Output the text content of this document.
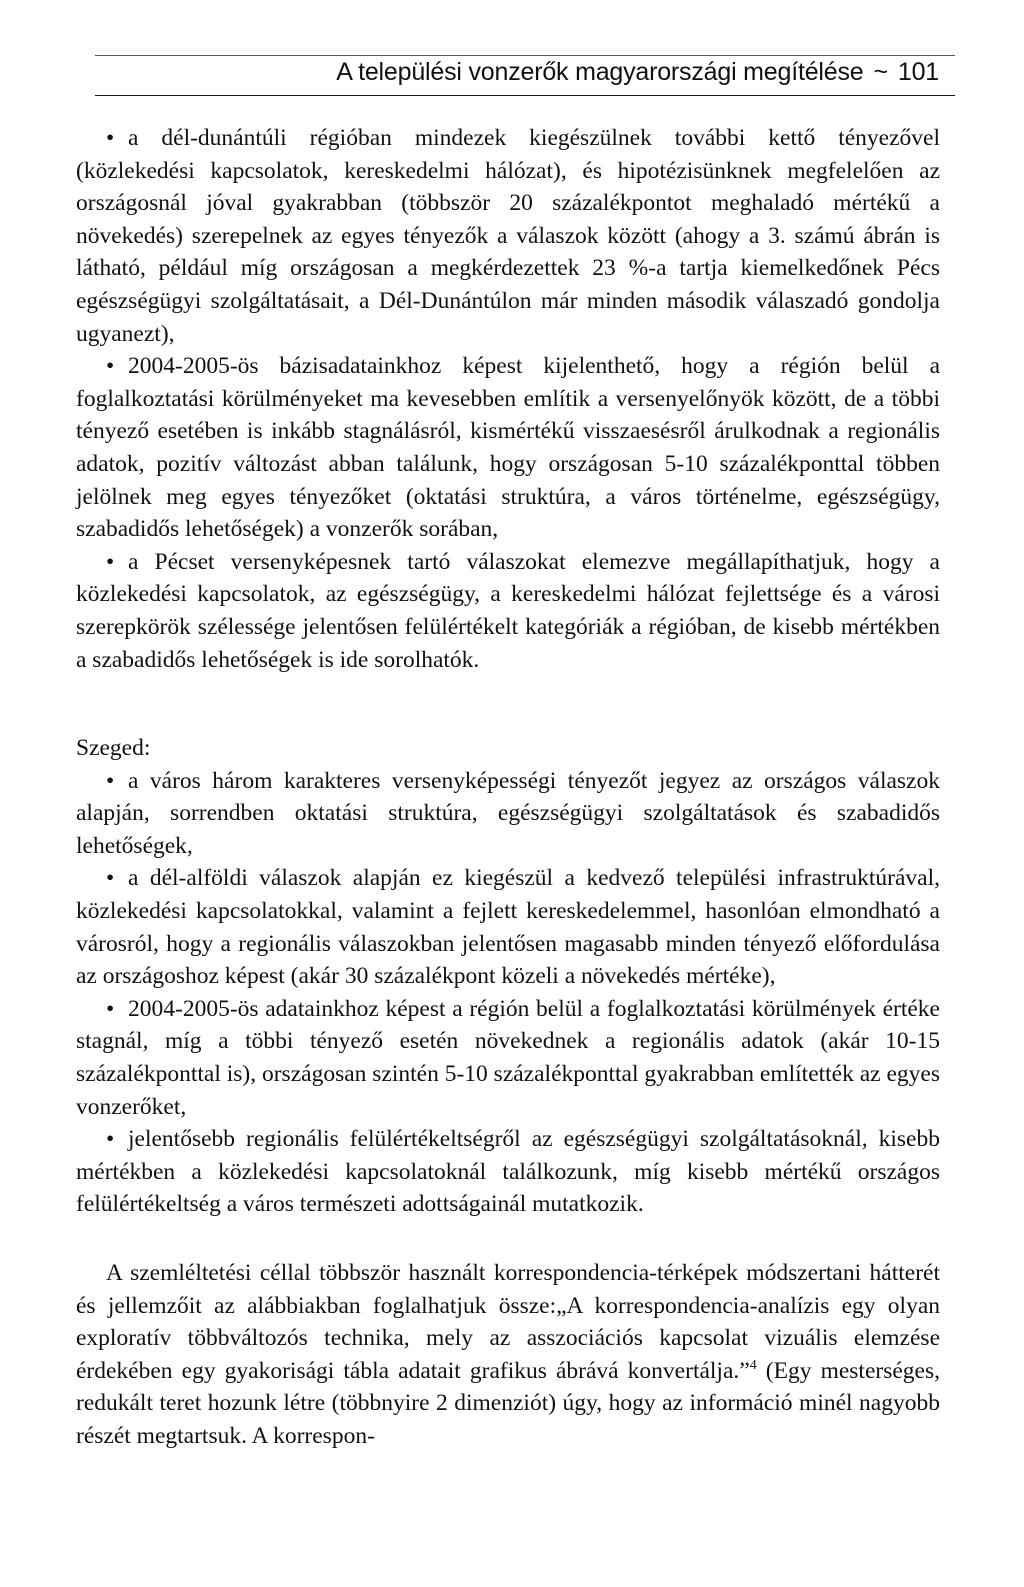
A települési vonzerők magyarországi megítélése ~ 101

• a dél-dunántúli régióban mindezek kiegészülnek további kettő tényezővel (közlekedési kapcsolatok, kereskedelmi hálózat), és hipotézisünknek megfelelően az országosnál jóval gyakrabban (többször 20 százalékpontot meghaladó mértékű a növekedés) szerepelnek az egyes tényezők a válaszok között (ahogy a 3. számú ábrán is látható, például míg országosan a megkérdezettek 23 %-a tartja kiemelkedőnek Pécs egészségügyi szolgáltatásait, a Dél-Dunántúlon már minden második válaszadó gondolja ugyanezt),

• 2004-2005-ös bázisadatainkhoz képest kijelenthető, hogy a régión belül a foglalkoztatási körülményeket ma kevesebben említik a versenyelőnyök között, de a többi tényező esetében is inkább stagnálásról, kismértékű visszaesésről árulkodnak a regionális adatok, pozitív változást abban találunk, hogy országosan 5-10 százalékponttal többen jelölnek meg egyes tényezőket (oktatási struktúra, a város történelme, egészségügy, szabadidős lehetőségek) a vonzerők sorában,

• a Pécset versenyképesnek tartó válaszokat elemezve megállapíthatjuk, hogy a közlekedési kapcsolatok, az egészségügy, a kereskedelmi hálózat fejlettsége és a városi szerepkörök szélessége jelentősen felülértékelt kategóriák a régióban, de kisebb mértékben a szabadidős lehetőségek is ide sorolhatók.

Szeged:

• a város három karakteres versenyképességi tényezőt jegyez az országos válaszok alapján, sorrendben oktatási struktúra, egészségügyi szolgáltatások és szabadidős lehetőségek,

• a dél-alföldi válaszok alapján ez kiegészül a kedvező települési infrastruktúrával, közlekedési kapcsolatokkal, valamint a fejlett kereskedelemmel, hasonlóan elmondható a városról, hogy a regionális válaszokban jelentősen magasabb minden tényező előfordulása az országoshoz képest (akár 30 százalékpont közeli a növekedés mértéke),

• 2004-2005-ös adatainkhoz képest a régión belül a foglalkoztatási körülmények értéke stagnál, míg a többi tényező esetén növekednek a regionális adatok (akár 10-15 százalékponttal is), országosan szintén 5-10 százalékponttal gyakrabban említették az egyes vonzerőket,

• jelentősebb regionális felülértékeltségről az egészségügyi szolgáltatásoknál, kisebb mértékben a közlekedési kapcsolatoknál találkozunk, míg kisebb mértékű országos felülértékeltség a város természeti adottságainál mutatkozik.

A szemléltetési céllal többször használt korrespondencia-térképek módszertani hátterét és jellemzőit az alábbiakban foglalhatjuk össze:„A korrespondencia-analízis egy olyan exploratív többváltozós technika, mely az asszociációs kapcsolat vizuális elemzése érdekében egy gyakorisági tábla adatait grafikus ábrává konvertálja.”$^4$ (Egy mesterséges, redukált teret hozunk létre (többnyire 2 dimenziót) úgy, hogy az információ minél nagyobb részét megtartsuk. A korrespon-
